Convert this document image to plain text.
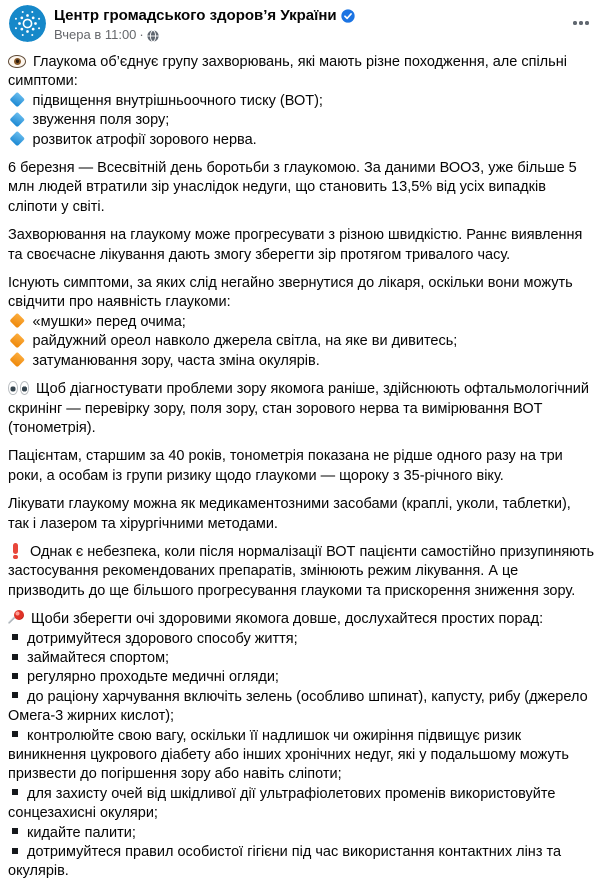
Центр громадського здоров’я України
Вчера в 11:00 ·
Глаукома об’єднує групу захворювань, які мають різне походження, але спільні симптоми:
підвищення внутрішньоочного тиску (ВОТ);
звуження поля зору;
розвиток атрофії зорового нерва.
6 березня — Всесвітній день боротьби з глаукомою. За даними ВООЗ, уже більше 5 млн людей втратили зір унаслідок недуги, що становить 13,5% від усіх випадків сліпоти у світі.
Захворювання на глаукому може прогресувати з різною швидкістю. Раннє виявлення та своєчасне лікування дають змогу зберегти зір протягом тривалого часу.
Існують симптоми, за яких слід негайно звернутися до лікаря, оскільки вони можуть свідчити про наявність глаукоми:
«мушки» перед очима;
райдужний ореол навколо джерела світла, на яке ви дивитесь;
затуманювання зору, часта зміна окулярів.
Щоб діагностувати проблеми зору якомога раніше, здійснюють офтальмологічний скринінг — перевірку зору, поля зору, стан зорового нерва та вимірювання ВОТ (тонометрія).
Пацієнтам, старшим за 40 років, тонометрія показана не рідше одного разу на три роки, а особам із групи ризику щодо глаукоми — щороку з 35-річного віку.
Лікувати глаукому можна як медикаментозними засобами (краплі, уколи, таблетки), так і лазером та хірургічними методами.
Однак є небезпека, коли після нормалізації ВОТ пацієнти самостійно призупиняють застосування рекомендованих препаратів, змінюють режим лікування. А це призводить до ще більшого прогресування глаукоми та прискорення зниження зору.
Щоби зберегти очі здоровими якомога довше, дослухайтеся простих порад:
дотримуйтеся здорового способу життя;
займайтеся спортом;
регулярно проходьте медичні огляди;
до раціону харчування включіть зелень (особливо шпинат), капусту, рибу (джерело Омега-3 жирних кислот);
контролюйте свою вагу, оскільки її надлишок чи ожиріння підвищує ризик виникнення цукрового діабету або інших хронічних недуг, які у подальшому можуть призвести до погіршення зору або навіть сліпоти;
для захисту очей від шкідливої дії ультрафіолетових променів використовуйте сонцезахисні окуляри;
кидайте палити;
дотримуйтеся правил особистої гігієни під час використання контактних лінз та окулярів.
